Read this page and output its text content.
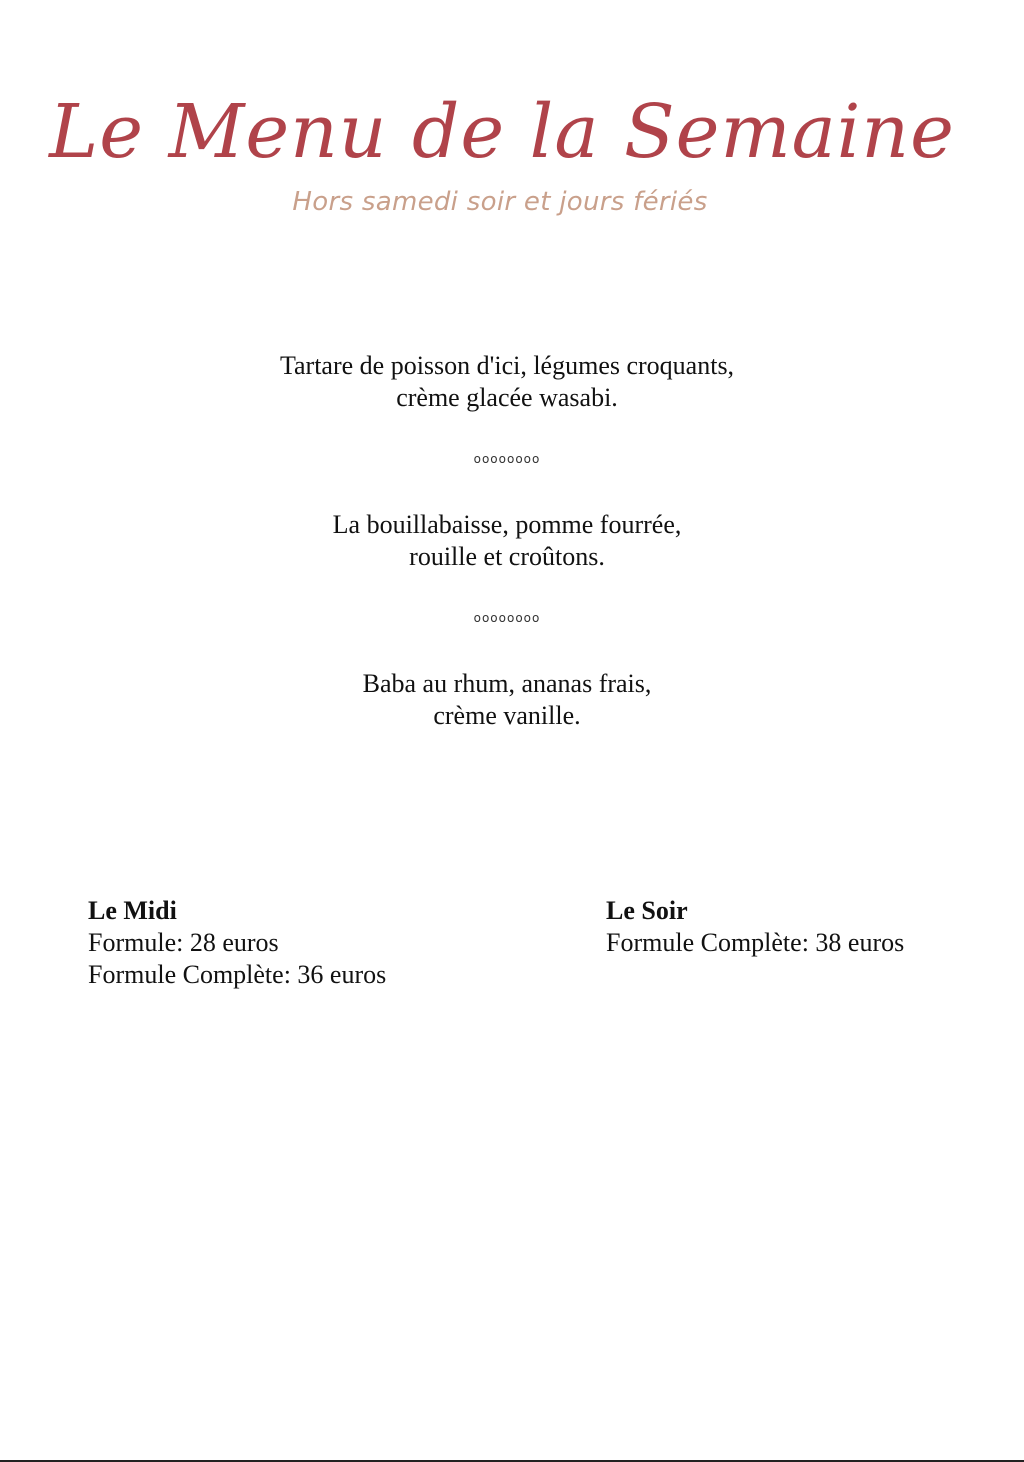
Le Menu de la Semaine
Hors samedi soir et jours fériés
Tartare de poisson d'ici, légumes croquants,
crème glacée wasabi.
oooooooo
La bouillabaisse, pomme fourrée,
rouille et croûtons.
oooooooo
Baba au rhum, ananas frais,
crème vanille.
Le Midi
Formule: 28 euros
Formule Complète: 36 euros
Le Soir
Formule Complète: 38 euros
